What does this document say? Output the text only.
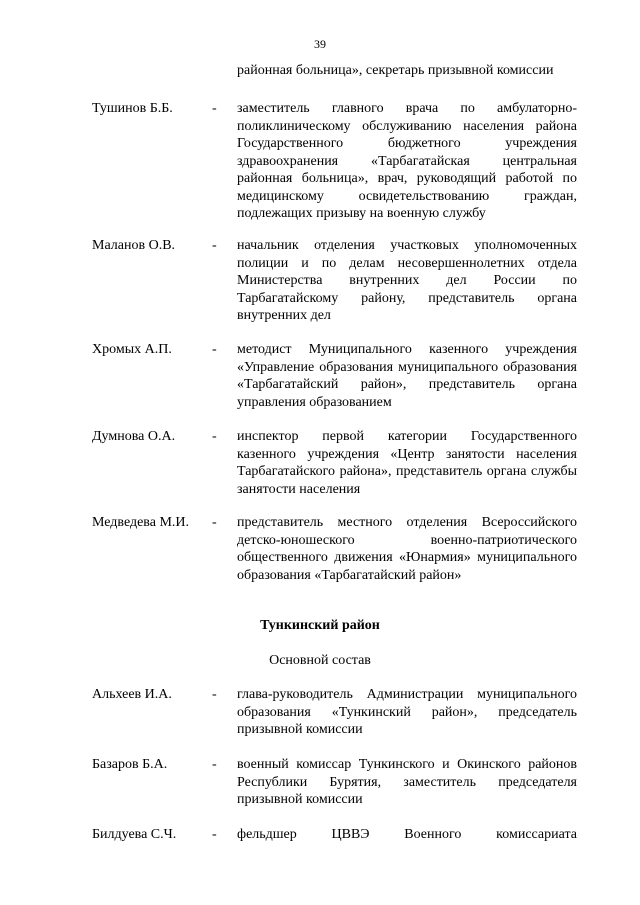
39
районная больница», секретарь призывной комиссии
Тушинов Б.Б.	- заместитель главного врача по амбулаторно-поликлиническому обслуживанию населения района Государственного бюджетного учреждения здравоохранения «Тарбагатайская центральная районная больница», врач, руководящий работой по медицинскому освидетельствованию граждан, подлежащих призыву на военную службу
Маланов О.В.	- начальник отделения участковых уполномоченных полиции и по делам несовершеннолетних отдела Министерства внутренних дел России по Тарбагатайскому району, представитель органа внутренних дел
Хромых А.П.	- методист Муниципального казенного учреждения «Управление образования муниципального образования «Тарбагатайский район», представитель органа управления образованием
Думнова О.А.	- инспектор первой категории Государственного казенного учреждения «Центр занятости населения Тарбагатайского района», представитель органа службы занятости населения
Медведева М.И. - представитель местного отделения Всероссийского детско-юношеского военно-патриотического общественного движения «Юнармия» муниципального образования «Тарбагатайский район»
Тункинский район
Основной состав
Альхеев И.А.	- глава-руководитель Администрации муниципального образования «Тункинский район», председатель призывной комиссии
Базаров Б.А.	- военный комиссар Тункинского и Окинского районов Республики Бурятия, заместитель председателя призывной комиссии
Билдуева С.Ч.	- фельдшер ЦВВЭ Военного комиссариата
